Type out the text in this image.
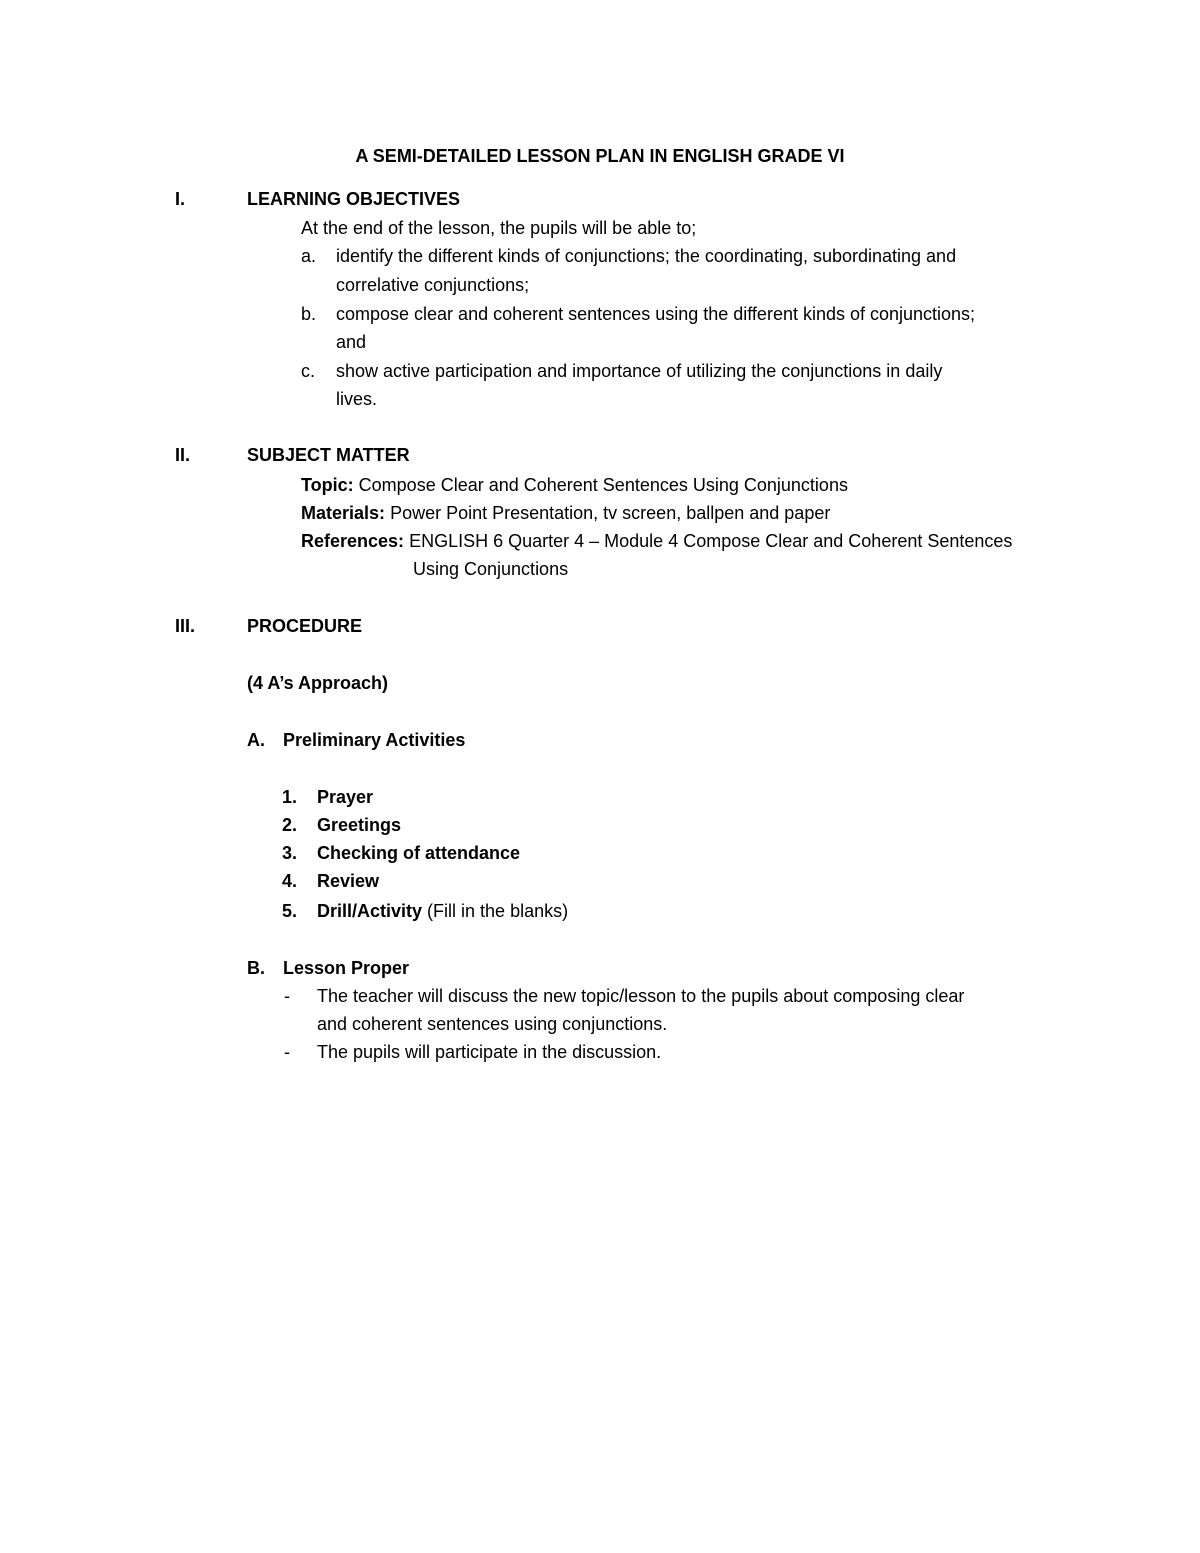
A SEMI-DETAILED LESSON PLAN IN ENGLISH GRADE VI
I.	LEARNING OBJECTIVES
At the end of the lesson, the pupils will be able to;
a. identify the different kinds of conjunctions; the coordinating, subordinating and
correlative conjunctions;
b. compose clear and coherent sentences using the different kinds of conjunctions;
and
c. show active participation and importance of utilizing the conjunctions in daily
lives.
II.	SUBJECT MATTER
Topic: Compose Clear and Coherent Sentences Using Conjunctions
Materials: Power Point Presentation, tv screen, ballpen and paper
References: ENGLISH 6 Quarter 4 – Module 4 Compose Clear and Coherent Sentences
Using Conjunctions
III.	PROCEDURE
(4 A’s Approach)
A. Preliminary Activities
1. Prayer
2. Greetings
3. Checking of attendance
4. Review
5. Drill/Activity (Fill in the blanks)
B. Lesson Proper
- The teacher will discuss the new topic/lesson to the pupils about composing clear
and coherent sentences using conjunctions.
- The pupils will participate in the discussion.
